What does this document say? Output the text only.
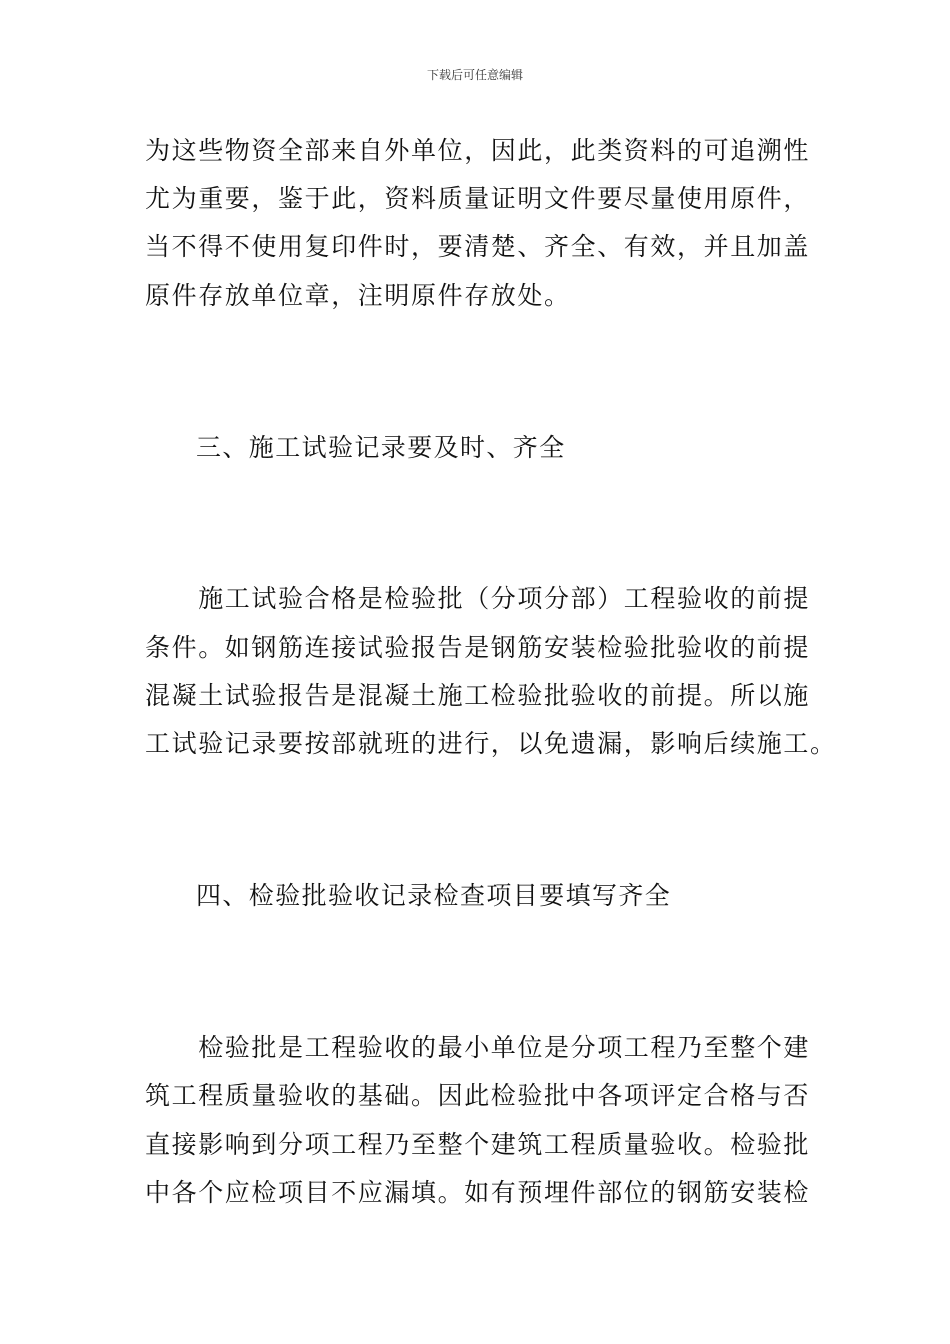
下载后可任意编辑
为这些物资全部来自外单位，因此，此类资料的可追溯性
尤为重要，鉴于此，资料质量证明文件要尽量使用原件，
当不得不使用复印件时，要清楚、齐全、有效，并且加盖
原件存放单位章，注明原件存放处。
三、施工试验记录要及时、齐全
　　施工试验合格是检验批（分项分部）工程验收的前提
条件。如钢筋连接试验报告是钢筋安装检验批验收的前提
混凝土试验报告是混凝土施工检验批验收的前提。所以施
工试验记录要按部就班的进行，以免遗漏，影响后续施工。
四、检验批验收记录检查项目要填写齐全
　　检验批是工程验收的最小单位是分项工程乃至整个建
筑工程质量验收的基础。因此检验批中各项评定合格与否
直接影响到分项工程乃至整个建筑工程质量验收。检验批
中各个应检项目不应漏填。如有预埋件部位的钢筋安装检
